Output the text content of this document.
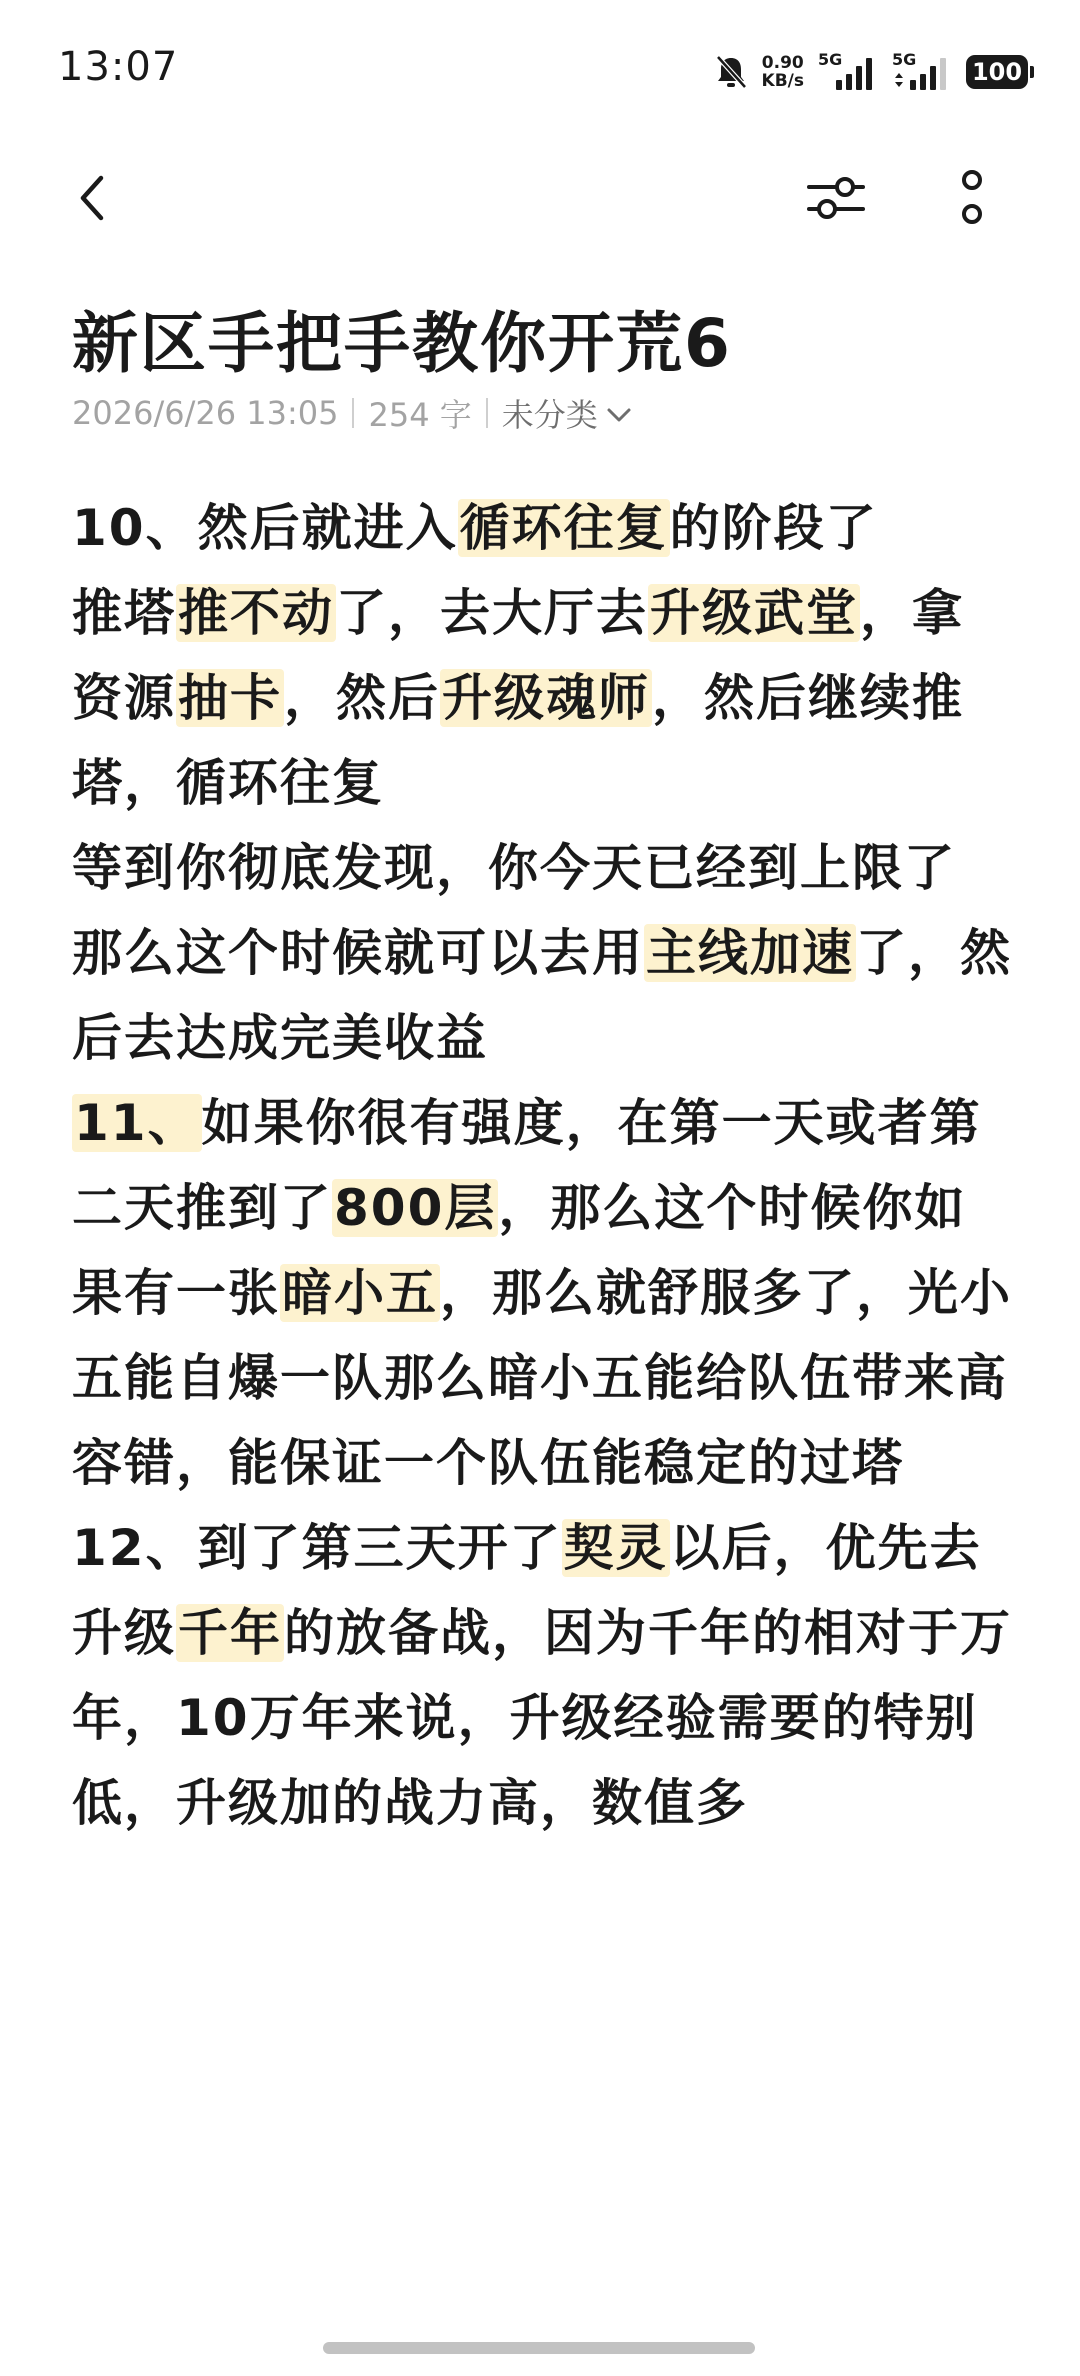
13:07	0.90
KB/s
5G	5G 100
新区手把手教你开荒6
2026/6/26 13:05 254 字 未分类

10、然后就进入循环往复的阶段了

推塔推不动了，去大厅去升级武堂，拿资源抽卡，然后升级魂师，然后继续推塔，循环往复

等到你彻底发现，你今天已经到上限了

那么这个时候就可以去用主线加速了，然后去达成完美收益

11、如果你很有强度，在第一天或者第二天推到了800层，那么这个时候你如果有一张暗小五，那么就舒服多了，光小五能自爆一队那么暗小五能给队伍带来高容错，能保证一个队伍能稳定的过塔

12、到了第三天开了契灵以后，优先去升级千年的放备战，因为千年的相对于万年，10万年来说，升级经验需要的特别低，升级加的战力高，数值多
